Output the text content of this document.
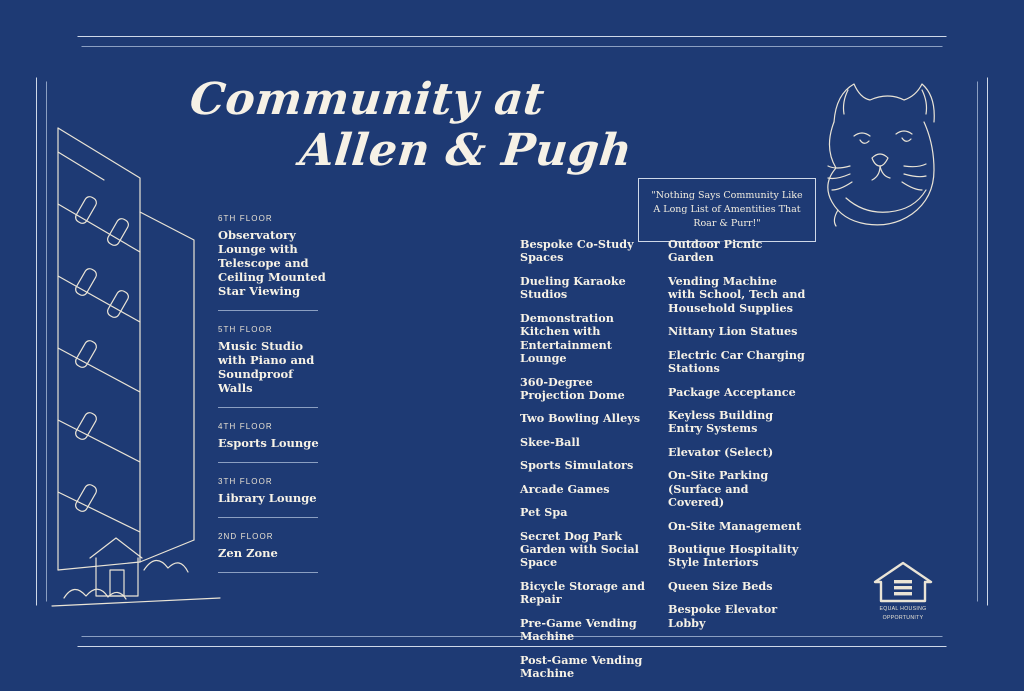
Community at
Allen & Pugh
"Nothing Says Community Like A Long List of Amentities That Roar & Purr!"
6TH FLOOR
Observatory Lounge with Telescope and Ceiling Mounted Star Viewing
5TH FLOOR
Music Studio with Piano and Soundproof Walls
4TH FLOOR
Esports Lounge
3TH FLOOR
Library Lounge
2ND FLOOR
Zen Zone
Bespoke Co-Study Spaces
Dueling Karaoke Studios
Demonstration Kitchen with Entertainment Lounge
360-Degree Projection Dome
Two Bowling Alleys
Skee-Ball
Sports Simulators
Arcade Games
Pet Spa
Secret Dog Park Garden with Social Space
Bicycle Storage and Repair
Pre-Game Vending Machine
Post-Game Vending Machine
Outdoor Picnic Garden
Vending Machine with School, Tech and Household Supplies
Nittany Lion Statues
Electric Car Charging Stations
Package Acceptance
Keyless Building Entry Systems
Elevator (Select)
On-Site Parking (Surface and Covered)
On-Site Management
Boutique Hospitality Style Interiors
Queen Size Beds
Bespoke Elevator Lobby
EQUAL HOUSING
OPPORTUNITY
